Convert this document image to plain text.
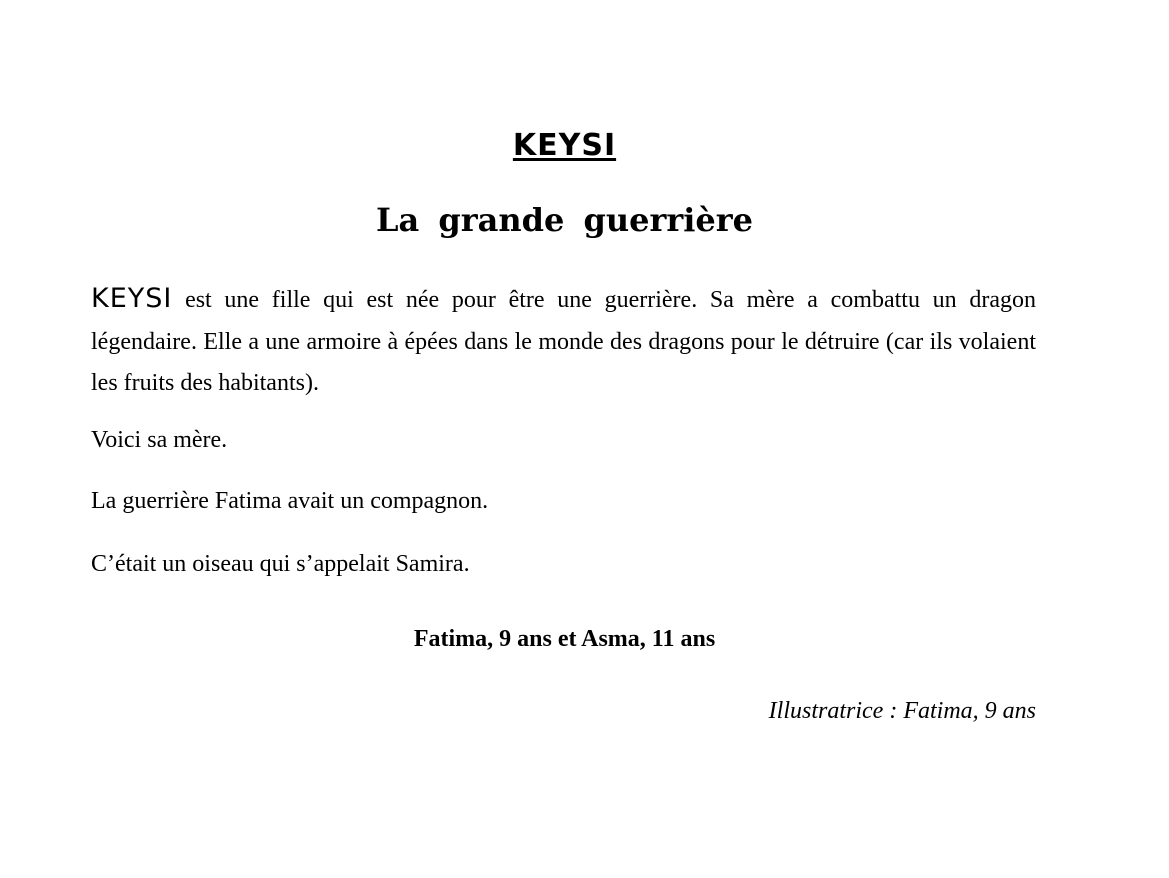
KEYSI
La grande guerrière
KEYSI est une fille qui est née pour être une guerrière. Sa mère a combattu un dragon légendaire. Elle a une armoire à épées dans le monde des dragons pour le détruire (car ils volaient les fruits des habitants).
Voici sa mère.
La guerrière Fatima avait un compagnon.
C’était un oiseau qui s’appelait Samira.
Fatima, 9 ans et Asma, 11 ans
Illustratrice : Fatima, 9 ans
